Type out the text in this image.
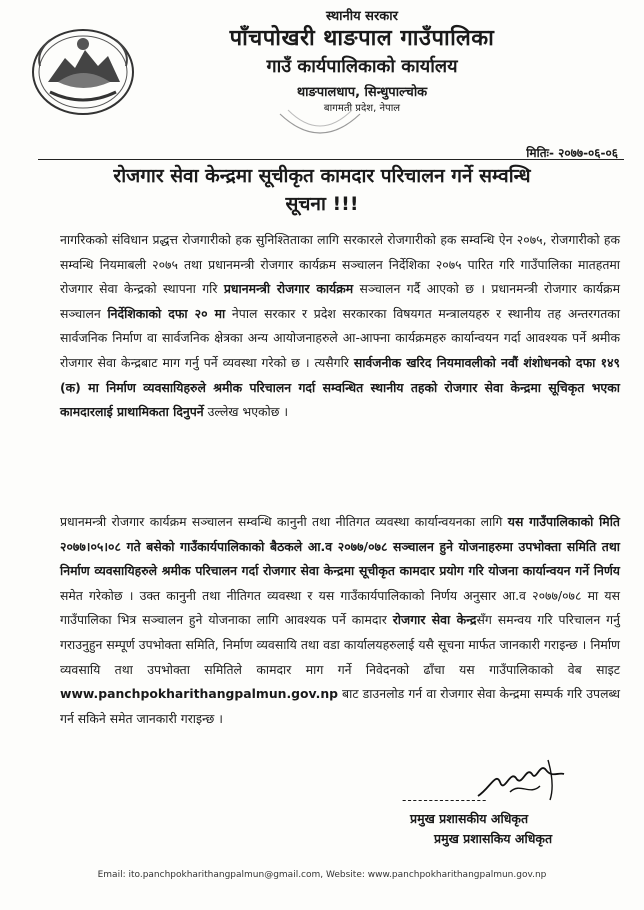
स्थानीय सरकार
पाँचपोखरी थाङपाल गाउँपालिका
गाउँ कार्यपालिकाको कार्यालय
थाङपालधाप, सिन्धुपाल्चोक
बागमती प्रदेश, नेपाल
मितिः- २०७७-०६-०६
रोजगार सेवा केन्द्रमा सूचीकृत कामदार परिचालन गर्ने सम्वन्धि
सूचना !!!

नागरिकको संविधान प्रद्धत्त रोजगारीको हक सुनिश्तिताका लागि सरकारले रोजगारीको हक सम्वन्धि ऐन २०७५, रोजगारीको हक सम्वन्धि नियमाबली २०७५ तथा प्रधानमन्त्री रोजगार कार्यक्रम सञ्चालन निर्देशिका २०७५ पारित गरि गाउँपालिका मातहतमा रोजगार सेवा केन्द्रको स्थापना गरि प्रधानमन्त्री रोजगार कार्यक्रम सञ्चालन गर्दै आएको छ । प्रधानमन्त्री रोजगार कार्यक्रम सञ्चालन निर्देशिकाको दफा २० मा नेपाल सरकार र प्रदेश सरकारका विषयगत मन्त्रालयहरु र स्थानीय तह अन्तरगतका सार्वजनिक निर्माण वा सार्वजनिक क्षेत्रका अन्य आयोजनाहरुले आ-आफ्ना कार्यक्रमहरु कार्यान्वयन गर्दा आवश्यक पर्ने श्रमीक रोजगार सेवा केन्द्रबाट माग गर्नु पर्ने व्यवस्था गरेको छ । त्यसैगरि सार्वजनीक खरिद नियमावलीको नवौं शंशोधनको दफा १४९ (क) मा निर्माण व्यवसायिहरुले श्रमीक परिचालन गर्दा सम्वन्धित स्थानीय तहको रोजगार सेवा केन्द्रमा सूचिकृत भएका कामदारलाई प्राथामिकता दिनुपर्ने उल्लेख भएकोछ ।

प्रधानमन्त्री रोजगार कार्यक्रम सञ्चालन सम्वन्धि कानुनी तथा नीतिगत व्यवस्था कार्यान्वयनका लागि यस गाउँपालिकाको मिति २०७७।०५।०८ गते बसेको गाउँकार्यपालिकाको बैठकले आ.व २०७७/०७८ सञ्चालन हुने योजनाहरुमा उपभोक्ता समिति तथा निर्माण व्यवसायिहरुले श्रमीक परिचालन गर्दा रोजगार सेवा केन्द्रमा सूचीकृत कामदार प्रयोग गरि योजना कार्यान्वयन गर्ने निर्णय समेत गरेकोछ । उक्त कानुनी तथा नीतिगत व्यवस्था र यस गाउँकार्यपालिकाको निर्णय अनुसार आ.व २०७७/०७८ मा यस गाउँपालिका भित्र सञ्चालन हुने योजनाका लागि आवश्यक पर्ने कामदार रोजगार सेवा केन्द्रसँग समन्वय गरि परिचालन गर्नु गराउनुहुन सम्पूर्ण उपभोक्ता समिति, निर्माण व्यवसायि तथा वडा कार्यालयहरुलाई यसै सूचना मार्फत जानकारी गराइन्छ । निर्माण व्यवसायि तथा उपभोक्ता समितिले कामदार माग गर्ने निवेदनको ढाँचा यस गाउँपालिकाको वेब साइट www.panchpokharithangpalmun.gov.np बाट डाउनलोड गर्न वा रोजगार सेवा केन्द्रमा सम्पर्क गरि उपलब्ध गर्न सकिने समेत जानकारी गराइन्छ ।

----------------
प्रमुख प्रशासकीय अधिकृत
प्रमुख प्रशासकिय अधिकृत
Email: ito.panchpokharithangpalmun@gmail.com, Website: www.panchpokharithangpalmun.gov.np
